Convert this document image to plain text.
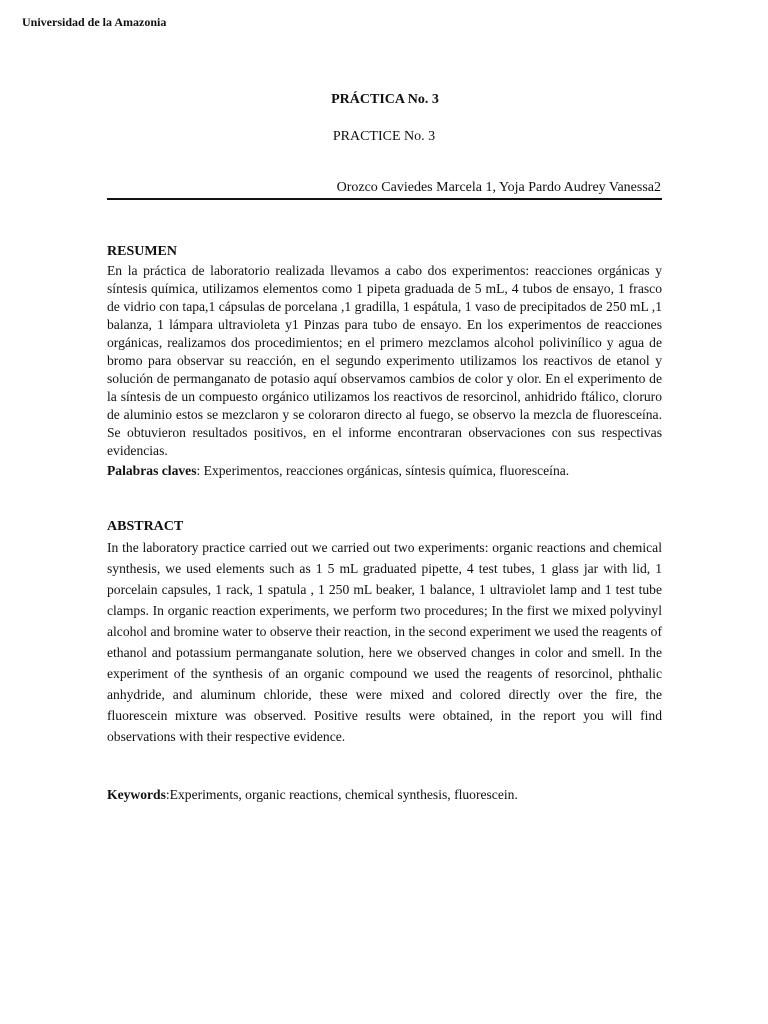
Universidad de la Amazonia
PRÁCTICA No. 3
PRACTICE No. 3
Orozco Caviedes Marcela 1, Yoja Pardo Audrey Vanessa2

RESUMEN

En la práctica de laboratorio realizada llevamos a cabo dos experimentos: reacciones orgánicas y síntesis química, utilizamos elementos como 1 pipeta graduada de 5 mL, 4 tubos de ensayo, 1 frasco de vidrio con tapa,1 cápsulas de porcelana ,1 gradilla, 1 espátula, 1 vaso de precipitados de 250 mL ,1 balanza, 1 lámpara ultravioleta y1 Pinzas para tubo de ensayo. En los experimentos de reacciones orgánicas, realizamos dos procedimientos; en el primero mezclamos alcohol polivinílico y agua de bromo para observar su reacción, en el segundo experimento utilizamos los reactivos de etanol y solución de permanganato de potasio aquí observamos cambios de color y olor. En el experimento de la síntesis de un compuesto orgánico utilizamos los reactivos de resorcinol, anhidrido ftálico, cloruro de aluminio estos se mezclaron y se coloraron directo al fuego, se observo la mezcla de fluoresceína. Se obtuvieron resultados positivos, en el informe encontraran observaciones con sus respectivas evidencias.

Palabras claves: Experimentos, reacciones orgánicas, síntesis química, fluoresceína.

ABSTRACT

In the laboratory practice carried out we carried out two experiments: organic reactions and chemical synthesis, we used elements such as 1 5 mL graduated pipette, 4 test tubes, 1 glass jar with lid, 1 porcelain capsules, 1 rack, 1 spatula , 1 250 mL beaker, 1 balance, 1 ultraviolet lamp and 1 test tube clamps. In organic reaction experiments, we perform two procedures; In the first we mixed polyvinyl alcohol and bromine water to observe their reaction, in the second experiment we used the reagents of ethanol and potassium permanganate solution, here we observed changes in color and smell. In the experiment of the synthesis of an organic compound we used the reagents of resorcinol, phthalic anhydride, and aluminum chloride, these were mixed and colored directly over the fire, the fluorescein mixture was observed. Positive results were obtained, in the report you will find observations with their respective evidence.

Keywords:Experiments, organic reactions, chemical synthesis, fluorescein.
